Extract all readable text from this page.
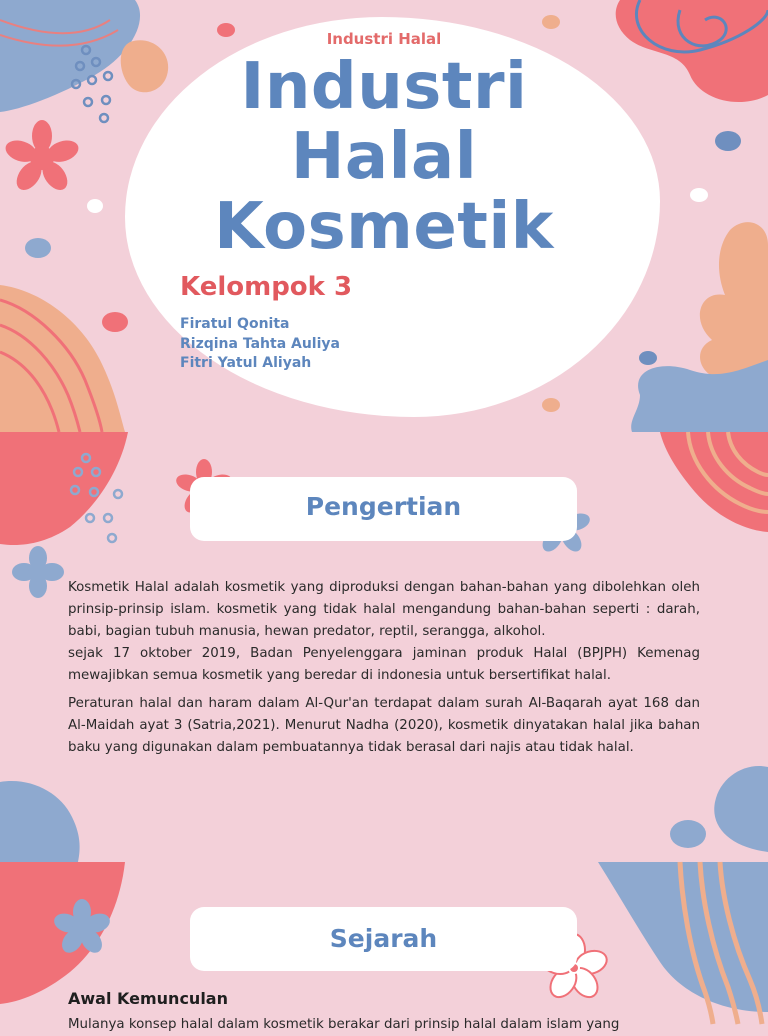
Industri Halal
Industri
Halal
Kosmetik
Kelompok 3
Firatul Qonita
Rizqina Tahta Auliya
Fitri Yatul Aliyah
Pengertian

Kosmetik Halal adalah kosmetik yang diproduksi dengan bahan-bahan yang dibolehkan oleh prinsip-prinsip islam. kosmetik yang tidak halal mengandung bahan-bahan seperti : darah, babi, bagian tubuh manusia, hewan predator, reptil, serangga, alkohol.

sejak 17 oktober 2019, Badan Penyelenggara jaminan produk Halal (BPJPH) Kemenag mewajibkan semua kosmetik yang beredar di indonesia untuk bersertifikat halal.

Peraturan halal dan haram dalam Al-Qur'an terdapat dalam surah Al-Baqarah ayat 168 dan Al-Maidah ayat 3 (Satria,2021). Menurut Nadha (2020), kosmetik dinyatakan halal jika bahan baku yang digunakan dalam pembuatannya tidak berasal dari najis atau tidak halal.

Sejarah
Awal Kemunculan
Mulanya konsep halal dalam kosmetik berakar dari prinsip halal dalam islam yang
